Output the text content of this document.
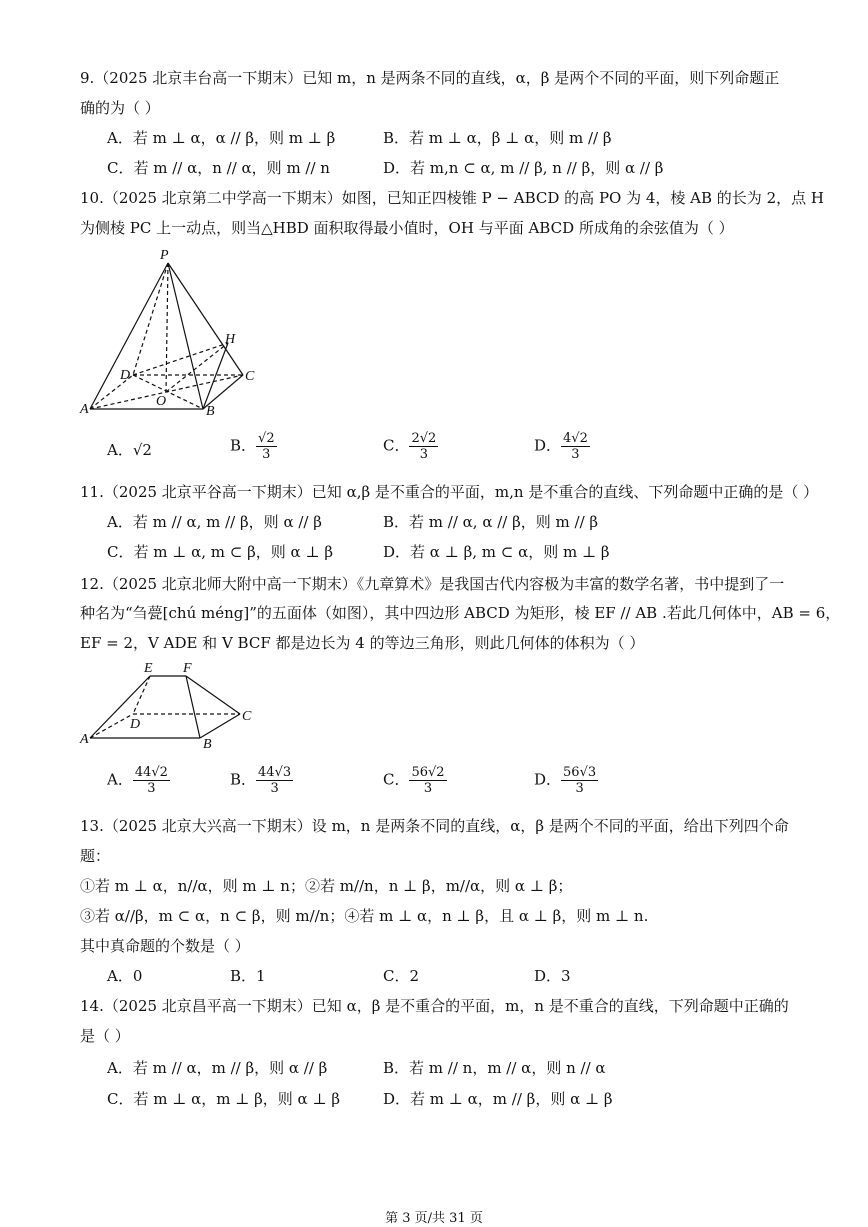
9.（2025 北京丰台高一下期末）已知 m，n 是两条不同的直线，α，β 是两个不同的平面，则下列命题正
确的为（ ）
A．若 m ⊥ α，α // β，则 m ⊥ β	B．若 m ⊥ α，β ⊥ α，则 m // β
C．若 m // α，n // α，则 m // n	D．若 m,n ⊂ α, m // β, n // β，则 α // β
10.（2025 北京第二中学高一下期末）如图，已知正四棱锥 P − ABCD 的高 PO 为 4，棱 AB 的长为 2，点 H
为侧棱 PC 上一动点，则当△HBD 面积取得最小值时，OH 与平面 ABCD 所成角的余弦值为（ ）
P
H
D	C
O
A	B
A．√2	B． $\frac{√2}{3}$	C． $\frac{2√2}{3}$	D． $\frac{4√2}{3}$
11.（2025 北京平谷高一下期末）已知 α,β 是不重合的平面，m,n 是不重合的直线、下列命题中正确的是（ ）
A．若 m // α, m // β，则 α // β	B．若 m // α, α // β，则 m // β
C．若 m ⊥ α, m ⊂ β，则 α ⊥ β	D．若 α ⊥ β, m ⊂ α，则 m ⊥ β
12.（2025 北京北师大附中高一下期末）《九章算术》是我国古代内容极为丰富的数学名著，书中提到了一
种名为“刍甍[chú méng]”的五面体（如图），其中四边形 ABCD 为矩形，棱 EF // AB .若此几何体中，AB = 6，
EF = 2，V ADE 和 V BCF 都是边长为 4 的等边三角形，则此几何体的体积为（ ）
E F
D
C
A	B
A． $\frac{44√2}{3}$	B． $\frac{44√3}{3}$	C． $\frac{56√2}{3}$	D． $\frac{56√3}{3}$
13.（2025 北京大兴高一下期末）设 m，n 是两条不同的直线，α，β 是两个不同的平面，给出下列四个命
题：
①若 m ⊥ α，n//α，则 m ⊥ n；②若 m//n，n ⊥ β，m//α，则 α ⊥ β；
③若 α//β，m ⊂ α，n ⊂ β，则 m//n；④若 m ⊥ α，n ⊥ β，且 α ⊥ β，则 m ⊥ n.
其中真命题的个数是（ ）
A．0	B．1	C．2	D．3
14.（2025 北京昌平高一下期末）已知 α，β 是不重合的平面，m，n 是不重合的直线，下列命题中正确的
是（ ）
A．若 m // α，m // β，则 α // β	B．若 m // n，m // α，则 n // α
C．若 m ⊥ α，m ⊥ β，则 α ⊥ β	D．若 m ⊥ α，m // β，则 α ⊥ β
第 3 页/共 31 页
